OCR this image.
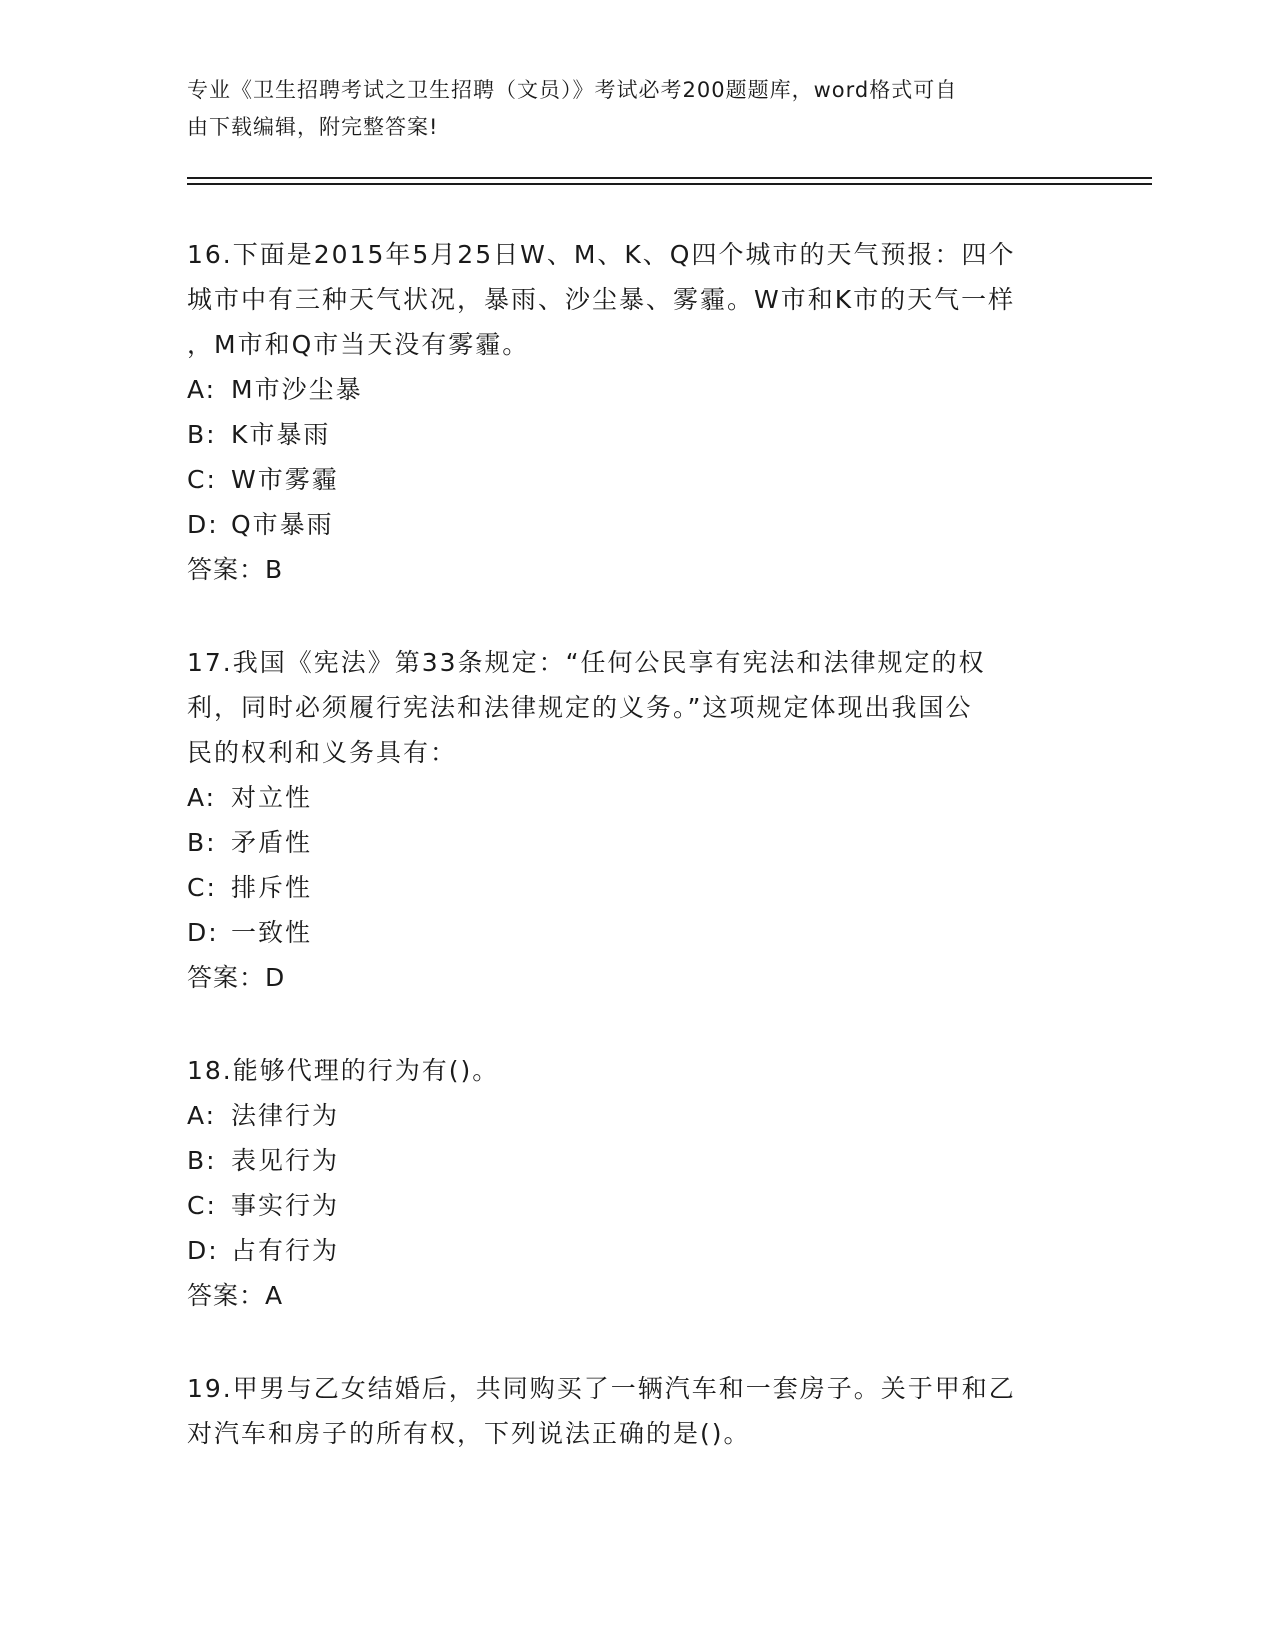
专业《卫生招聘考试之卫生招聘（文员）》考试必考200题题库，word格式可自
由下载编辑，附完整答案!
16.下面是2015年5月25日W、M、K、Q四个城市的天气预报：四个
城市中有三种天气状况，暴雨、沙尘暴、雾霾。W市和K市的天气一样
，M市和Q市当天没有雾霾。
A: M市沙尘暴
B: K市暴雨
C: W市雾霾
D: Q市暴雨
答案：B
17.我国《宪法》第33条规定：“任何公民享有宪法和法律规定的权
利，同时必须履行宪法和法律规定的义务。”这项规定体现出我国公
民的权利和义务具有：
A: 对立性
B: 矛盾性
C: 排斥性
D: 一致性
答案：D
18.能够代理的行为有()。
A: 法律行为
B: 表见行为
C: 事实行为
D: 占有行为
答案：A
19.甲男与乙女结婚后，共同购买了一辆汽车和一套房子。关于甲和乙
对汽车和房子的所有权，下列说法正确的是()。
